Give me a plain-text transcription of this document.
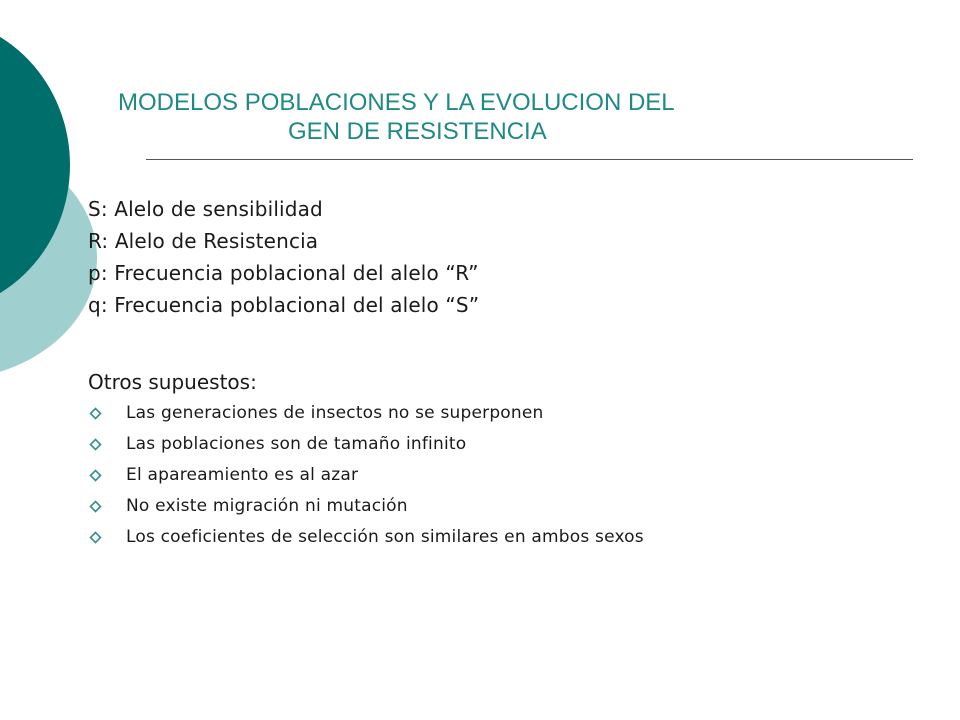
MODELOS POBLACIONES Y LA EVOLUCION DEL
GEN DE RESISTENCIA
S: Alelo de sensibilidad
R: Alelo de Resistencia
p: Frecuencia poblacional del alelo “R”
q: Frecuencia poblacional del alelo “S”
Otros supuestos:
Las generaciones de insectos no se superponen
Las poblaciones son de tamaño infinito
El apareamiento es al azar
No existe migración ni mutación
Los coeficientes de selección son similares en ambos sexos
